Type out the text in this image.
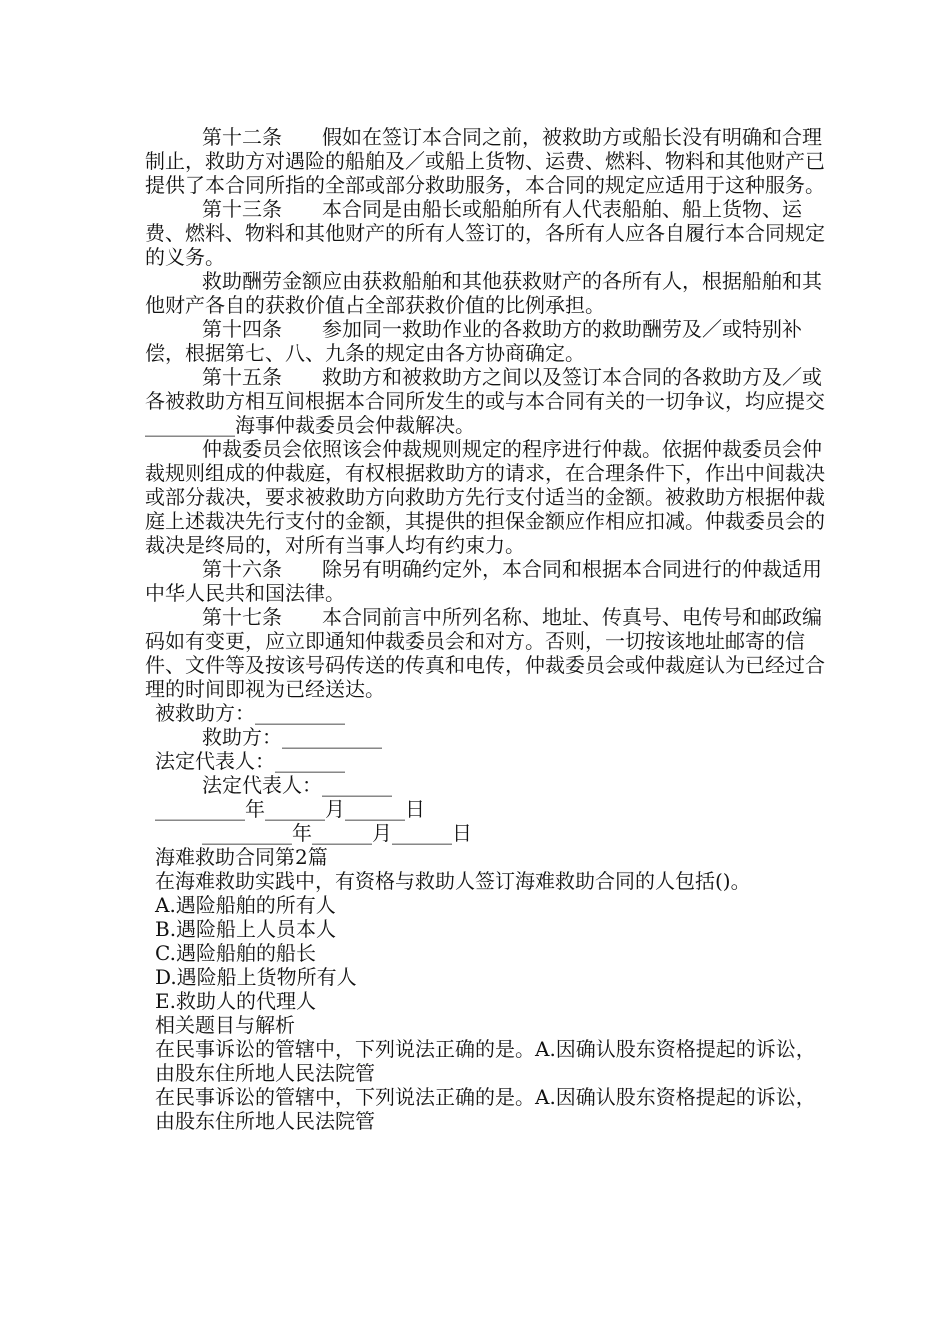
第十二条　　假如在签订本合同之前，被救助方或船长没有明确和合理制止，救助方对遇险的船舶及／或船上货物、运费、燃料、物料和其他财产已提供了本合同所指的全部或部分救助服务，本合同的规定应适用于这种服务。

第十三条　　本合同是由船长或船舶所有人代表船舶、船上货物、运费、燃料、物料和其他财产的所有人签订的，各所有人应各自履行本合同规定的义务。

救助酬劳金额应由获救船舶和其他获救财产的各所有人，根据船舶和其他财产各自的获救价值占全部获救价值的比例承担。

第十四条　　参加同一救助作业的各救助方的救助酬劳及／或特别补偿，根据第七、八、九条的规定由各方协商确定。

第十五条　　救助方和被救助方之间以及签订本合同的各救助方及／或各被救助方相互间根据本合同所发生的或与本合同有关的一切争议，均应提交_________海事仲裁委员会仲裁解决。

仲裁委员会依照该会仲裁规则规定的程序进行仲裁。依据仲裁委员会仲裁规则组成的仲裁庭，有权根据救助方的请求，在合理条件下，作出中间裁决或部分裁决，要求被救助方向救助方先行支付适当的金额。被救助方根据仲裁庭上述裁决先行支付的金额，其提供的担保金额应作相应扣减。仲裁委员会的裁决是终局的，对所有当事人均有约束力。

第十六条　　除另有明确约定外，本合同和根据本合同进行的仲裁适用中华人民共和国法律。

第十七条　　本合同前言中所列名称、地址、传真号、电传号和邮政编码如有变更，应立即通知仲裁委员会和对方。否则，一切按该地址邮寄的信件、文件等及按该号码传送的传真和电传，仲裁委员会或仲裁庭认为已经过合理的时间即视为已经送达。

被救助方：_________

救助方：__________

法定代表人：_______

法定代表人：_______

_________年______月______日

_________年______月______日

海难救助合同第2篇

在海难救助实践中，有资格与救助人签订海难救助合同的人包括()。

A.遇险船舶的所有人

B.遇险船上人员本人

C.遇险船舶的船长

D.遇险船上货物所有人

E.救助人的代理人

相关题目与解析

在民事诉讼的管辖中，下列说法正确的是。A.因确认股东资格提起的诉讼，由股东住所地人民法院管

在民事诉讼的管辖中，下列说法正确的是。A.因确认股东资格提起的诉讼，由股东住所地人民法院管
